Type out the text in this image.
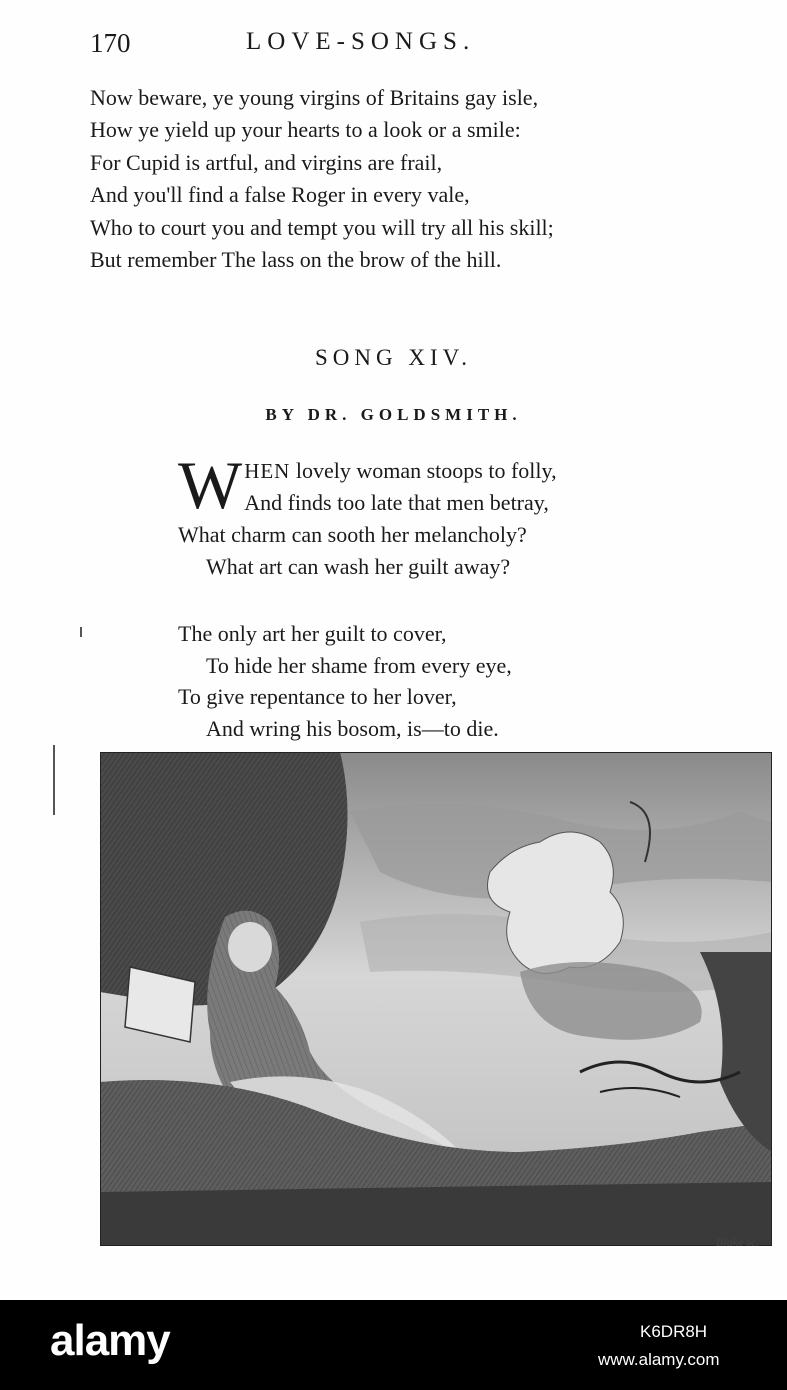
170	LOVE-SONGS.
Now beware, ye young virgins of Britains gay isle,
How ye yield up your hearts to a look or a smile:
For Cupid is artful, and virgins are frail,
And you'll find a false Roger in every vale,
Who to court you and tempt you will try all his skill;
But remember The lass on the brow of the hill.
SONG XIV.
BY DR. GOLDSMITH.
W HEN lovely woman stoops to folly,
And finds too late that men betray,
What charm can sooth her melancholy?
What art can wash her guilt away?
The only art her guilt to cover,
To hide her shame from every eye,
To give repentance to her lover,
And wring his bosom, is—to die.
Blake sc.
alamy	K6DR8H
www.alamy.com
